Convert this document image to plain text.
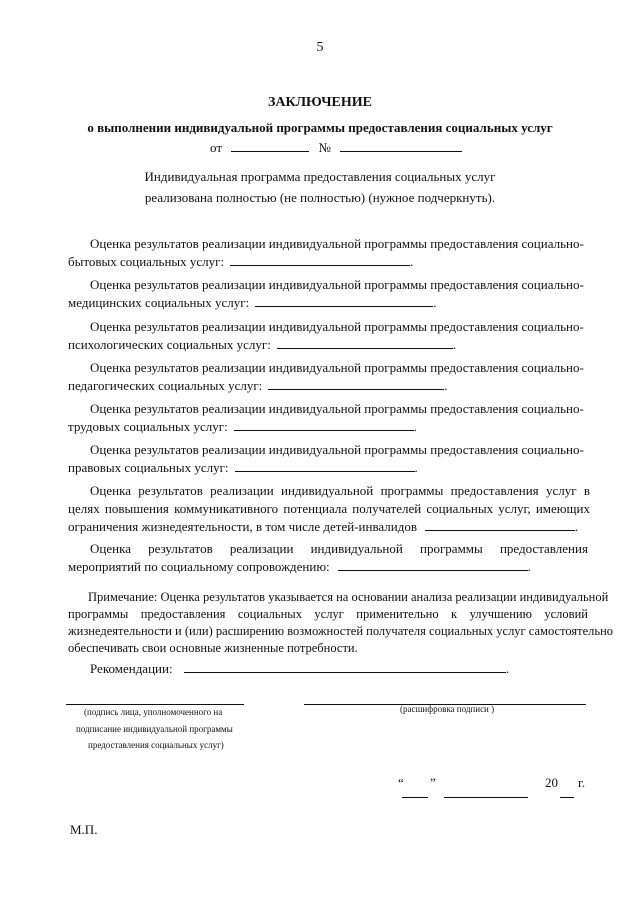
5
ЗАКЛЮЧЕНИЕ
о выполнении индивидуальной программы предоставления социальных услуг
от	№
Индивидуальная программа предоставления социальных услуг
реализована полностью (не полностью) (нужное подчеркнуть).
Оценка результатов реализации индивидуальной программы предоставления социально-
бытовых социальных услуг:	.
Оценка результатов реализации индивидуальной программы предоставления социально-
медицинских социальных услуг:	.
Оценка результатов реализации индивидуальной программы предоставления социально-
психологических социальных услуг:	.
Оценка результатов реализации индивидуальной программы предоставления социально-
педагогических социальных услуг:	.
Оценка результатов реализации индивидуальной программы предоставления социально-
трудовых социальных услуг:	.
Оценка результатов реализации индивидуальной программы предоставления социально-
правовых социальных услуг:	.
Оценка результатов реализации индивидуальной программы предоставления услуг в
целях повышения коммуникативного потенциала получателей социальных услуг, имеющих
ограничения жизнедеятельности, в том числе детей-инвалидов	.
Оценка результатов реализации индивидуальной программы предоставления
мероприятий по социальному сопровождению:	.
Примечание: Оценка результатов указывается на основании анализа реализации индивидуальной
программы предоставления социальных услуг применительно к улучшению условий
жизнедеятельности и (или) расширению возможностей получателя социальных услуг самостоятельно
обеспечивать свои основные жизненные потребности.
Рекомендации:	.
(подпись лица, уполномоченного на
подписание индивидуальной программы
предоставления социальных услуг)
(расшифровка подписи )
“ ”	20 г.
М.П.
